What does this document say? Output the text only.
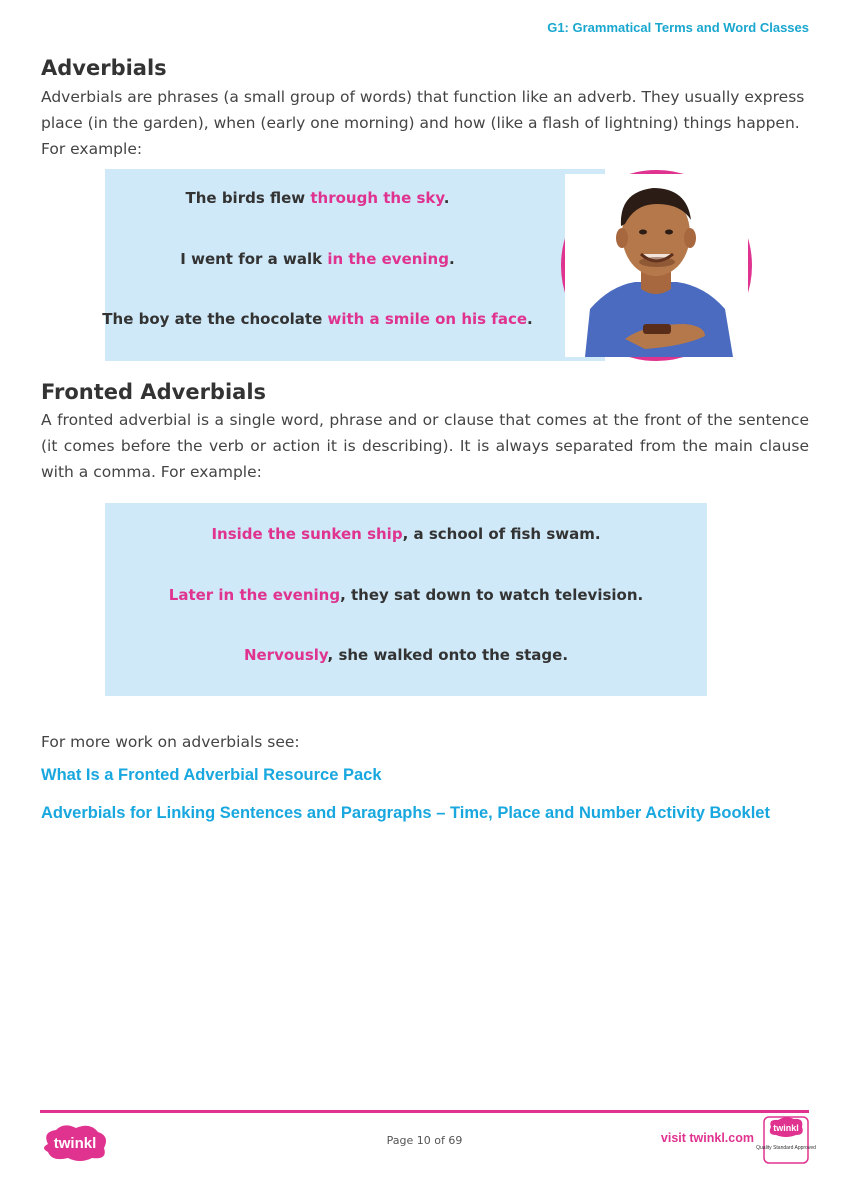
G1: Grammatical Terms and Word Classes
Adverbials

Adverbials are phrases (a small group of words) that function like an adverb. They usually express place (in the garden), when (early one morning) and how (like a flash of lightning) things happen. For example:

The birds flew through the sky.
I went for a walk in the evening.
The boy ate the chocolate with a smile on his face.
Fronted Adverbials

A fronted adverbial is a single word, phrase and or clause that comes at the front of the sentence (it comes before the verb or action it is describing). It is always separated from the main clause with a comma. For example:

Inside the sunken ship, a school of fish swam.
Later in the evening, they sat down to watch television.
Nervously, she walked onto the stage.

For more work on adverbials see:

What Is a Fronted Adverbial Resource Pack
Adverbials for Linking Sentences and Paragraphs – Time, Place and Number Activity Booklet
twinkl	Page 10 of 69	visit twinkl.com
twinkl
Quality Standard Approved
